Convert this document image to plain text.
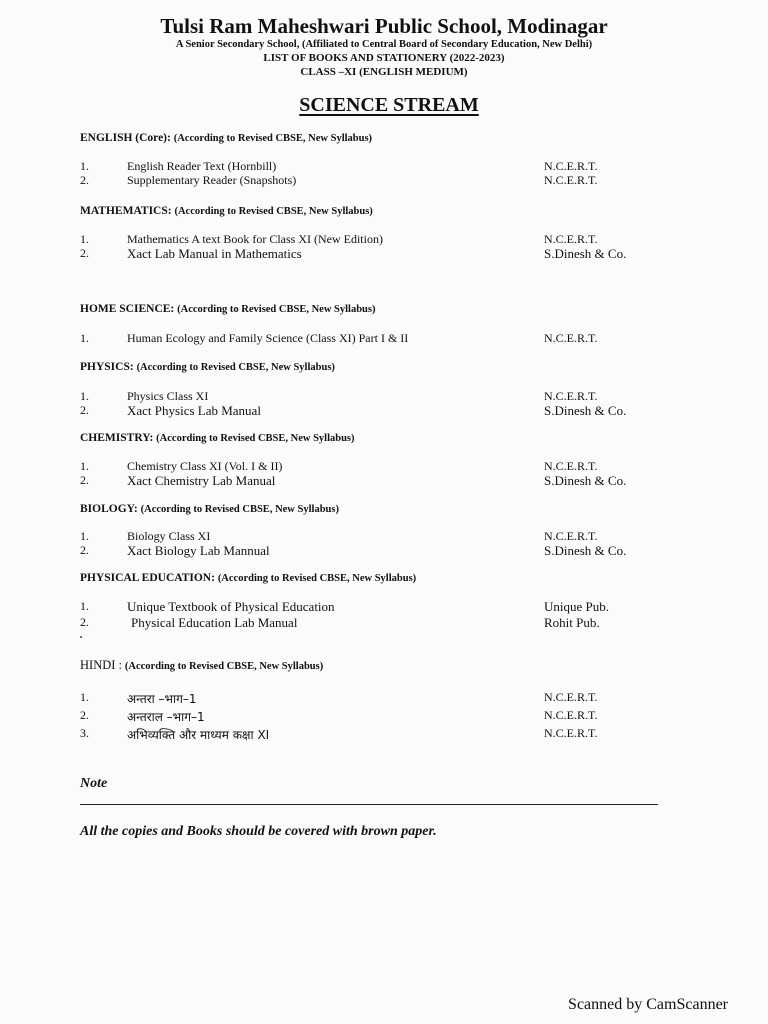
Tulsi Ram Maheshwari Public School, Modinagar
A Senior Secondary School, (Affiliated to Central Board of Secondary Education, New Delhi)
LIST OF BOOKS AND STATIONERY (2022-2023)
CLASS –XI (ENGLISH MEDIUM)
SCIENCE STREAM
ENGLISH (Core): (According to Revised CBSE, New Syllabus)
1.	English Reader Text (Hornbill)	N.C.E.R.T.
2.	Supplementary Reader (Snapshots)	N.C.E.R.T.
MATHEMATICS: (According to Revised CBSE, New Syllabus)
1.	Mathematics A text Book for Class XI (New Edition)	N.C.E.R.T.
2.	Xact Lab Manual in Mathematics	S.Dinesh & Co.
HOME SCIENCE: (According to Revised CBSE, New Syllabus)
1.	Human Ecology and Family Science (Class XI) Part I & II	N.C.E.R.T.
PHYSICS: (According to Revised CBSE, New Syllabus)
1.	Physics Class XI	N.C.E.R.T.
2.	Xact Physics Lab Manual	S.Dinesh & Co.
CHEMISTRY: (According to Revised CBSE, New Syllabus)
1.	Chemistry Class XI (Vol. I & II)	N.C.E.R.T.
2.	Xact Chemistry Lab Manual	S.Dinesh & Co.
BIOLOGY: (According to Revised CBSE, New Syllabus)
1.	Biology Class XI	N.C.E.R.T.
2.	Xact Biology Lab Mannual	S.Dinesh & Co.
PHYSICAL EDUCATION: (According to Revised CBSE, New Syllabus)
1.	Unique Textbook of Physical Education	Unique Pub.
2.	Physical Education Lab Manual	Rohit Pub.
HINDI : (According to Revised CBSE, New Syllabus)
1.	अन्तरा –भाग–1	N.C.E.R.T.
2.	अन्तराल –भाग–1	N.C.E.R.T.
3.	अभिव्यक्ति और माध्यम कक्षा XI	N.C.E.R.T.
Note
All the copies and Books should be covered with brown paper.
Scanned by CamScanner
